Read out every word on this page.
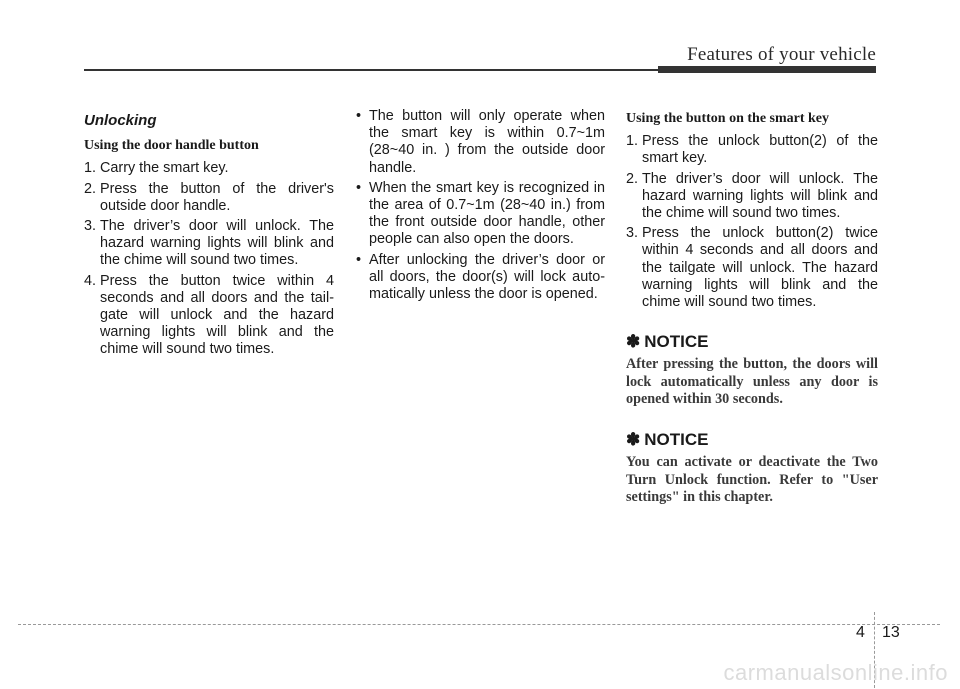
Features of your vehicle
Unlocking
Using the door handle button
1. Carry the smart key.
2. Press the button of the driver's outside door handle.
3. The driver’s door will unlock. The hazard warning lights will blink and the chime will sound two times.
4. Press the button twice within 4 seconds and all doors and the tail-gate will unlock and the hazard warning lights will blink and the chime will sound two times.
• The button will only operate when the smart key is within 0.7~1m (28~40 in. ) from the outside door handle.
• When the smart key is recognized in the area of 0.7~1m (28~40 in.) from the front outside door handle, other people can also open the doors.
• After unlocking the driver’s door or all doors, the door(s) will lock auto-matically unless the door is opened.
Using the button on the smart key
1. Press the unlock button(2) of the smart key.
2. The driver’s door will unlock. The hazard warning lights will blink and the chime will sound two times.
3. Press the unlock button(2) twice within 4 seconds and all doors and the tailgate will unlock. The hazard warning lights will blink and the chime will sound two times.
✽ NOTICE
After pressing the button, the doors will lock automatically unless any door is opened within 30 seconds.
✽ NOTICE
You can activate or deactivate the Two Turn Unlock function. Refer to "User settings" in this chapter.
4 13
carmanualsonline.info
